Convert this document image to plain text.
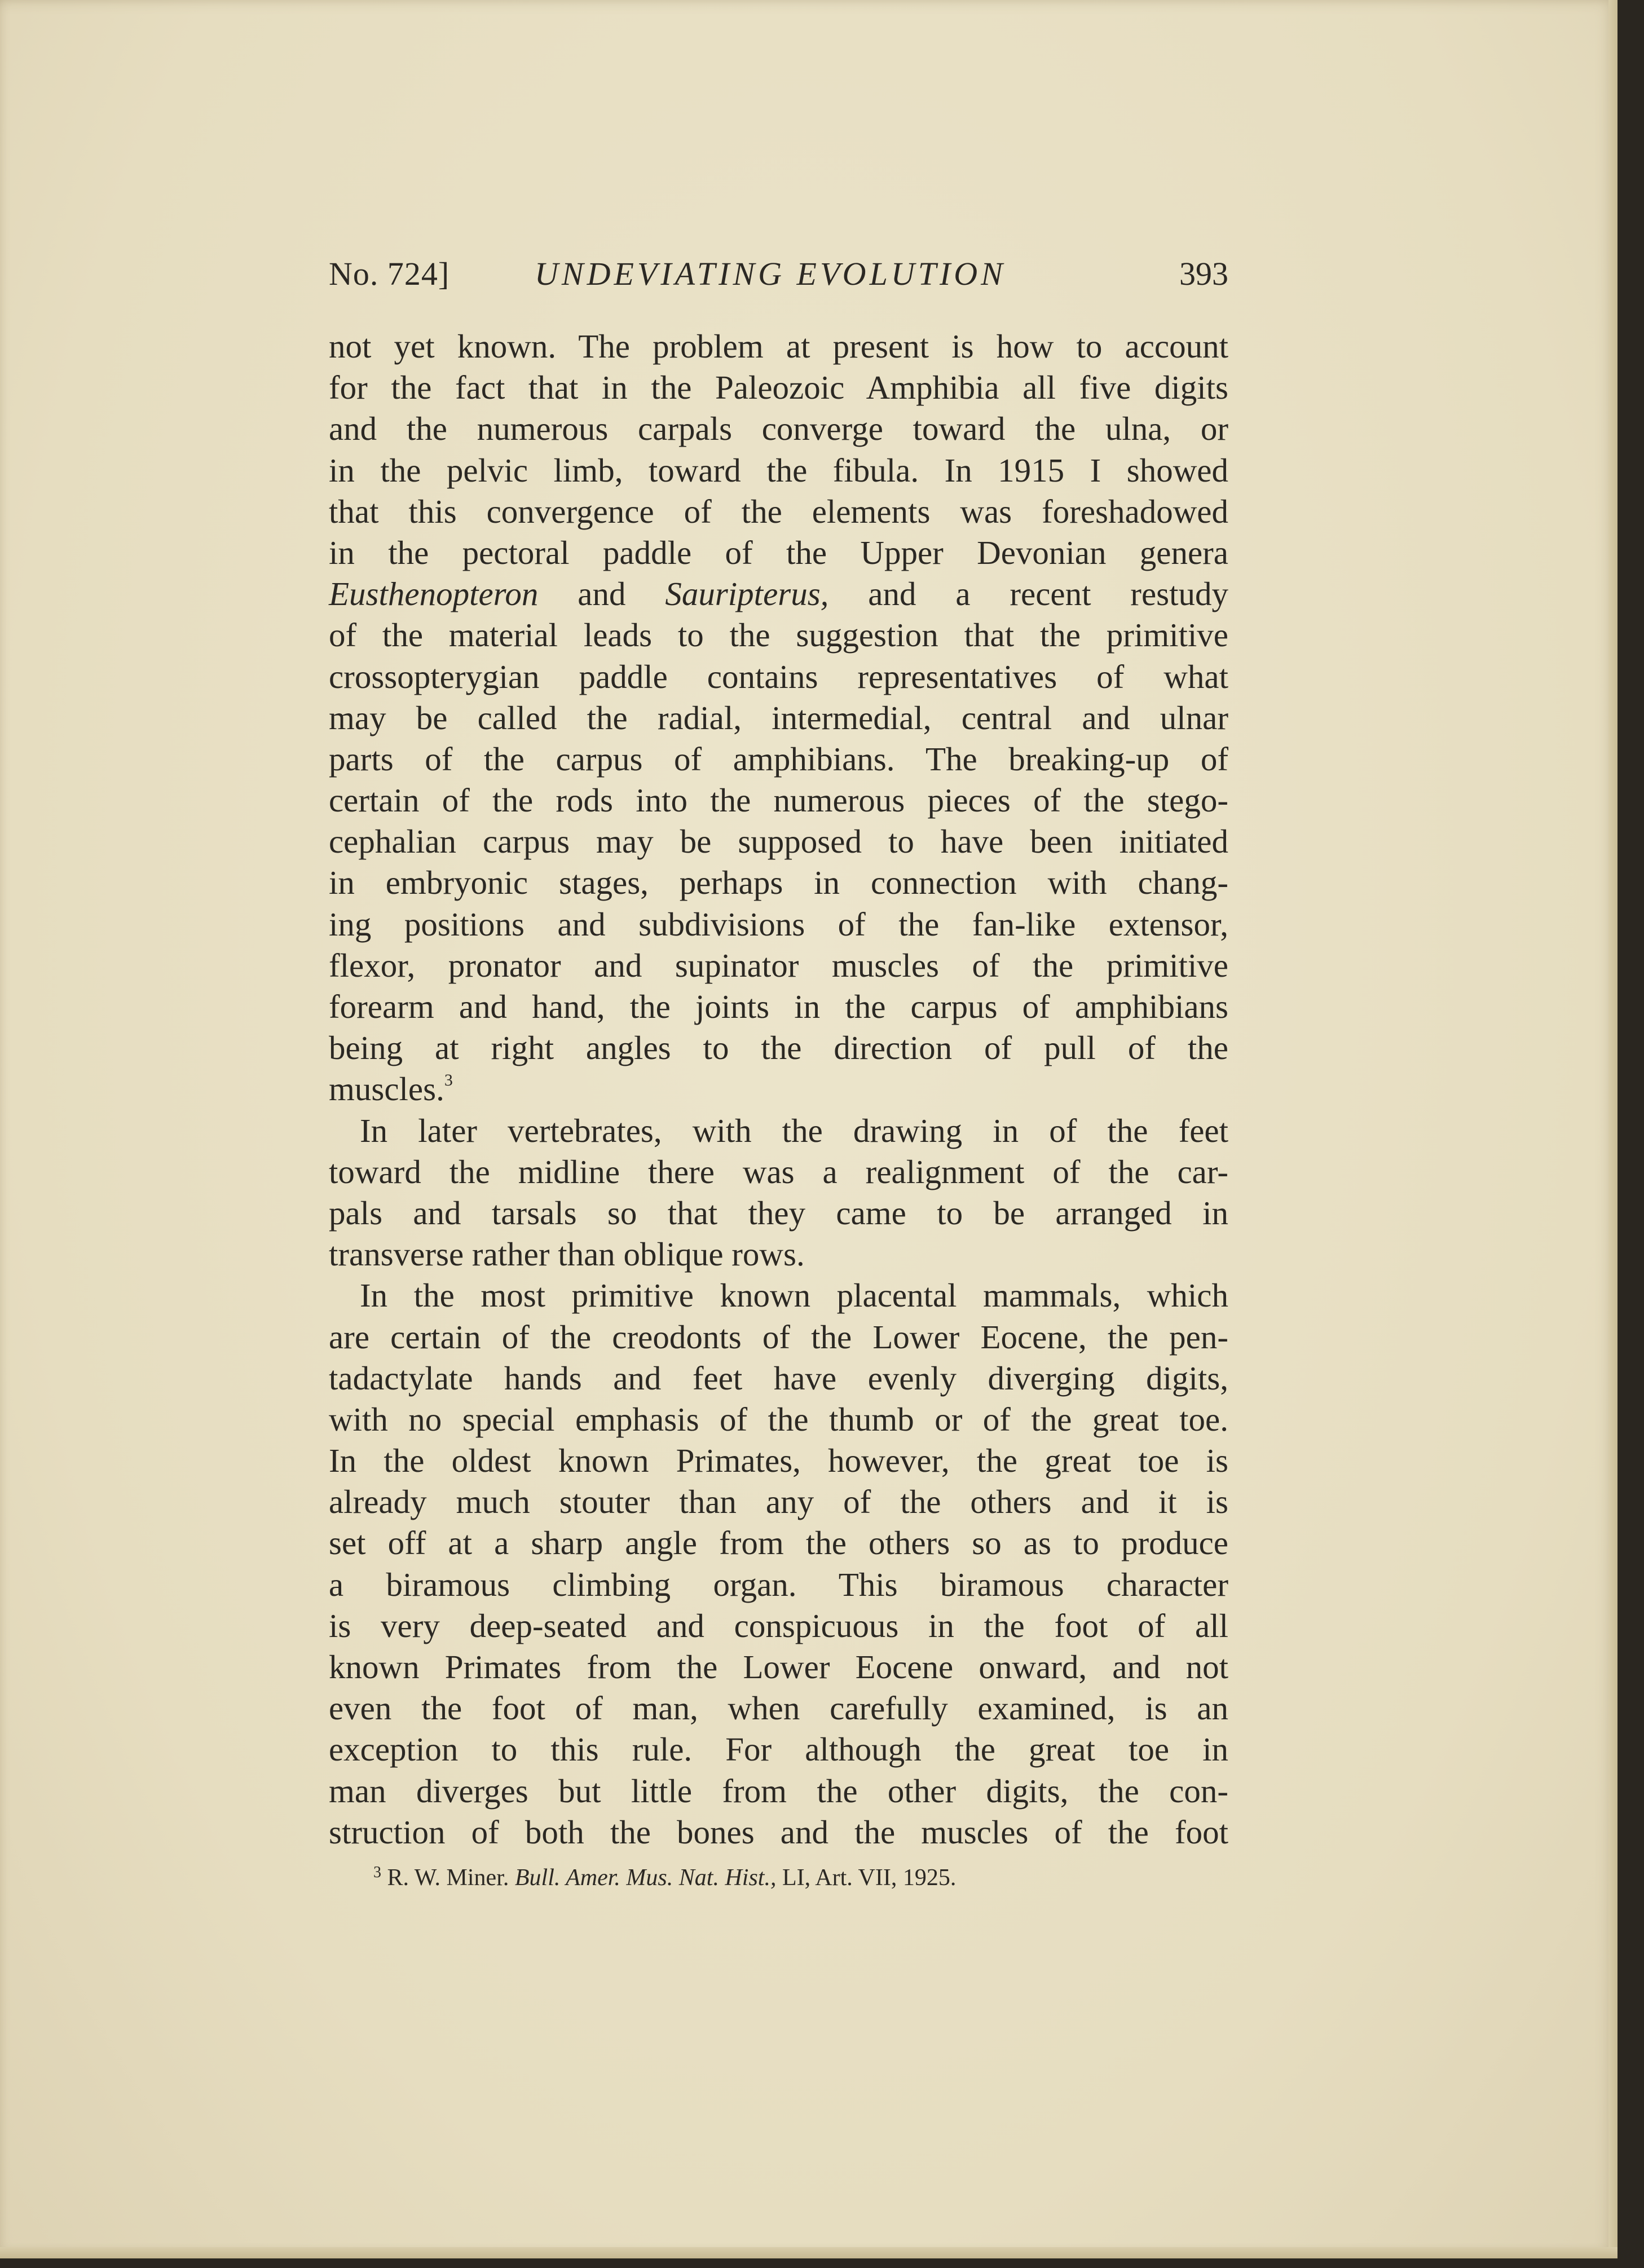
No. 724]	UNDEVIATING EVOLUTION	393
not yet known. The problem at present is how to account
for the fact that in the Paleozoic Amphibia all five digits
and the numerous carpals converge toward the ulna, or
in the pelvic limb, toward the fibula. In 1915 I showed
that this convergence of the elements was foreshadowed
in the pectoral paddle of the Upper Devonian genera
Eusthenopteron and Sauripterus, and a recent restudy
of the material leads to the suggestion that the primitive
crossopterygian paddle contains representatives of what
may be called the radial, intermedial, central and ulnar
parts of the carpus of amphibians. The breaking-up of
certain of the rods into the numerous pieces of the stego-
cephalian carpus may be supposed to have been initiated
in embryonic stages, perhaps in connection with chang-
ing positions and subdivisions of the fan-like extensor,
flexor, pronator and supinator muscles of the primitive
forearm and hand, the joints in the carpus of amphibians
being at right angles to the direction of pull of the
muscles.$^3$
In later vertebrates, with the drawing in of the feet
toward the midline there was a realignment of the car-
pals and tarsals so that they came to be arranged in
transverse rather than oblique rows.
In the most primitive known placental mammals, which
are certain of the creodonts of the Lower Eocene, the pen-
tadactylate hands and feet have evenly diverging digits,
with no special emphasis of the thumb or of the great toe.
In the oldest known Primates, however, the great toe is
already much stouter than any of the others and it is
set off at a sharp angle from the others so as to produce
a biramous climbing organ. This biramous character
is very deep-seated and conspicuous in the foot of all
known Primates from the Lower Eocene onward, and not
even the foot of man, when carefully examined, is an
exception to this rule. For although the great toe in
man diverges but little from the other digits, the con-
struction of both the bones and the muscles of the foot
$^3$ R. W. Miner. Bull. Amer. Mus. Nat. Hist., LI, Art. VII, 1925.
